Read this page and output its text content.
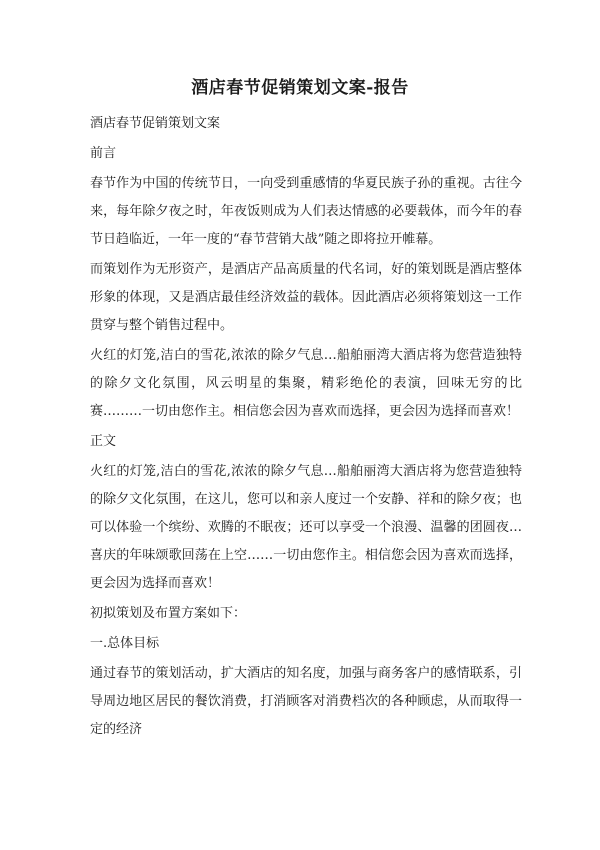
酒店春节促销策划文案-报告

酒店春节促销策划文案

前言

春节作为中国的传统节日，一向受到重感情的华夏民族子孙的重视。古往今来，每年除夕夜之时，年夜饭则成为人们表达情感的必要载体，而今年的春节日趋临近，一年一度的“春节营销大战”随之即将拉开帷幕。

而策划作为无形资产，是酒店产品高质量的代名词，好的策划既是酒店整体形象的体现，又是酒店最佳经济效益的载体。因此酒店必须将策划这一工作贯穿与整个销售过程中。

火红的灯笼,洁白的雪花,浓浓的除夕气息…船舶丽湾大酒店将为您营造独特的除夕文化氛围，风云明星的集聚，精彩绝伦的表演，回味无穷的比赛………一切由您作主。相信您会因为喜欢而选择，更会因为选择而喜欢！

正文

火红的灯笼,洁白的雪花,浓浓的除夕气息…船舶丽湾大酒店将为您营造独特的除夕文化氛围，在这儿，您可以和亲人度过一个安静、祥和的除夕夜；也可以体验一个缤纷、欢腾的不眠夜；还可以享受一个浪漫、温馨的团圆夜…喜庆的年味颂歌回荡在上空……一切由您作主。相信您会因为喜欢而选择，更会因为选择而喜欢！

初拟策划及布置方案如下：

一.总体目标

通过春节的策划活动，扩大酒店的知名度，加强与商务客户的感情联系，引导周边地区居民的餐饮消费，打消顾客对消费档次的各种顾虑，从而取得一定的经济
